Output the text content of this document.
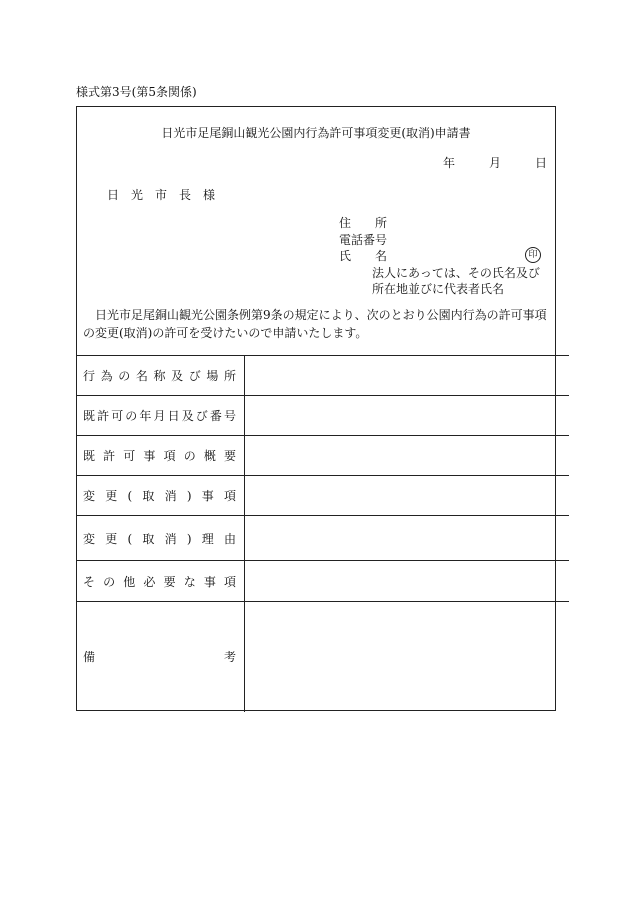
様式第3号(第5条関係)
日光市足尾銅山観光公園内行為許可事項変更(取消)申請書
年	月	日
日　光　市　長　様
住　　所
電話番号
氏　　名
法人にあっては、その氏名及び
所在地並びに代表者氏名
印
日光市足尾銅山観光公園条例第9条の規定により、次のとおり公園内行為の許可事項の変更(取消)の許可を受けたいので申請いたします。
行為の名称及び場所	
既許可の年月日及び番号	
既許可事項の概要	
変更(取消)事項	
変更(取消)理由	
その他必要な事項	
備考	
